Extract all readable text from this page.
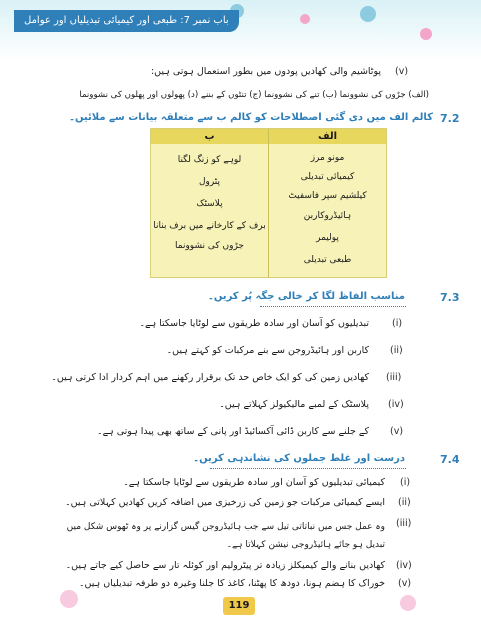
باب نمبر 7: طبعی اور کیمیائی تبدیلیاں اور عوامل
(v)
پوٹاشیم والی کھادیں پودوں میں بطور استعمال ہوتی ہیں:
(الف) جڑوں کی نشوونما (ب) تنے کی نشوونما (ج) تنٹوں کے بننے (د) پھولوں اور پھلوں کی نشوونما
7.2
کالم الف میں دی گئی اصطلاحات کو کالم ب سے متعلقہ بیانات سے ملائیں۔
ب	الف
مونو مرز
کیمیائی تبدیلی
کیلشیم سپر فاسفیٹ
ہائیڈروکاربن
پولیمر
طبعی تبدیلی
لوہے کو زنگ لگنا
پٹرول
پلاسٹک
برف کے کارخانے میں برف بنانا
جڑوں کی نشوونما
7.3
مناسب الفاظ لگا کر خالی جگہ پُر کریں۔
(i)
تبدیلیوں کو آسان اور سادہ طریقوں سے لوٹایا جاسکتا ہے۔
(ii)
کاربن اور ہائیڈروجن سے بنے مرکبات کو کہتے ہیں۔
(iii)
کھادیں زمین کی کو ایک خاص حد تک برقرار رکھنے میں اہم کردار ادا کرتی ہیں۔
(iv)
پلاسٹک کے لمبے مالیکیولز کہلاتے ہیں۔
(v)
کے جلنے سے کاربن ڈائی آکسائیڈ اور پانی کے ساتھ بھی پیدا ہوتی ہے۔
7.4
درست اور غلط جملوں کی نشاندہی کریں۔
(i)
کیمیائی تبدیلیوں کو آسان اور سادہ طریقوں سے لوٹایا جاسکتا ہے۔
(ii)
ایسے کیمیائی مرکبات جو زمین کی زرخیزی میں اضافہ کریں کھادیں کہلاتی ہیں۔
(iii)
وہ عمل جس میں نباتاتی تیل سے جب ہائیڈروجن گیس گزارنے پر وہ ٹھوس شکل میں تبدیل ہو جائے ہائیڈروجی نیشن کہلاتا ہے۔
(iv)
کھادیں بنانے والے کیمیکلز زیادہ تر پیٹرولیم اور کوئلہ تار سے حاصل کیے جاتے ہیں۔
(v)
خوراک کا ہضم ہونا، دودھ کا پھٹنا، کاغذ کا جلنا وغیرہ دو طرفہ تبدیلیاں ہیں۔
119
